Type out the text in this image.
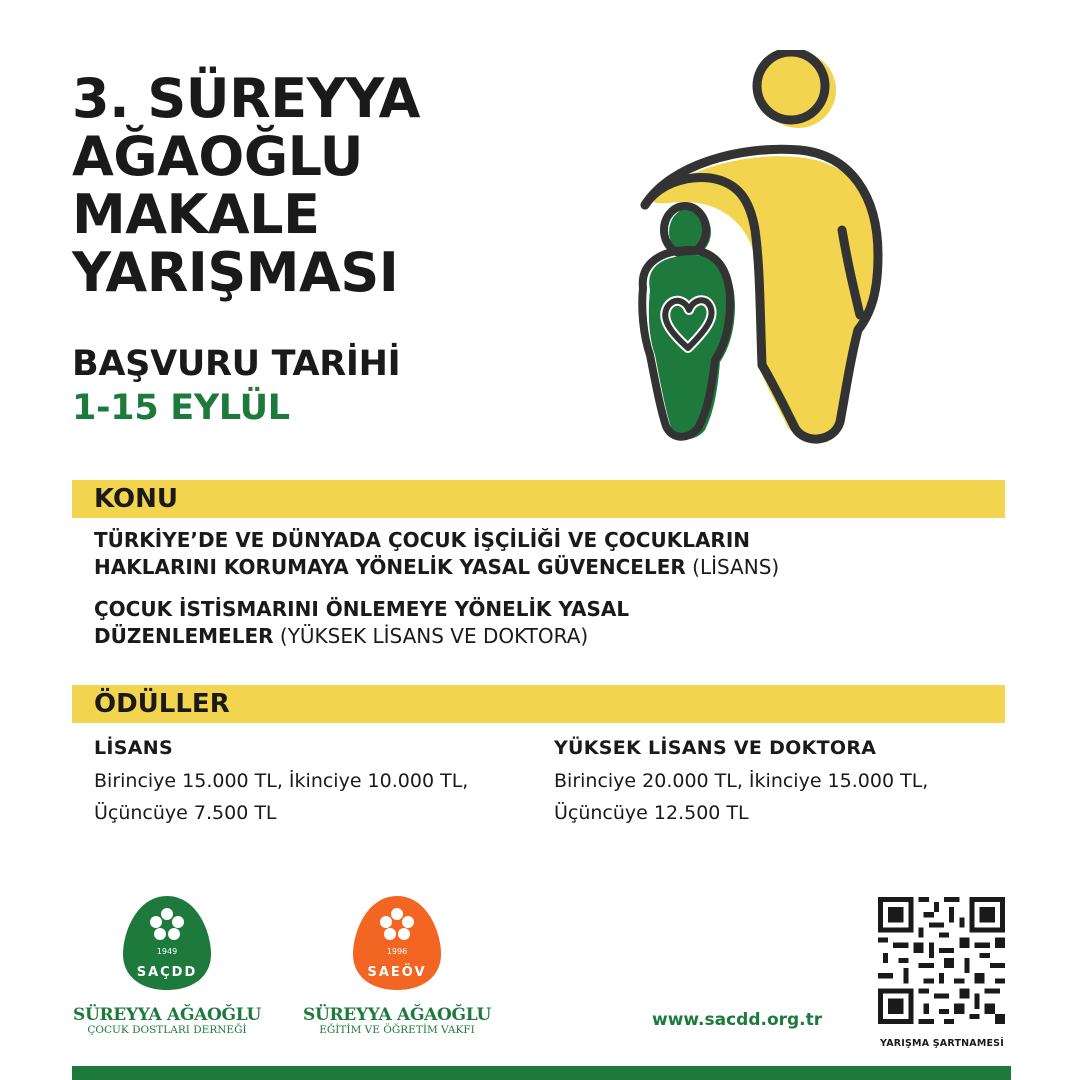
3. SÜREYYA
AĞAOĞLU
MAKALE
YARIŞMASI
BAŞVURU TARİHİ
1-15 EYLÜL
KONU
TÜRKİYE’DE VE DÜNYADA ÇOCUK İŞÇİLİĞİ VE ÇOCUKLARIN
HAKLARINI KORUMAYA YÖNELİK YASAL GÜVENCELER (LİSANS)
ÇOCUK İSTİSMARINI ÖNLEMEYE YÖNELİK YASAL
DÜZENLEMELER (YÜKSEK LİSANS VE DOKTORA)
ÖDÜLLER
LİSANS

Birinciye 15.000 TL, İkinciye 10.000 TL,
Üçüncüye 7.500 TL

YÜKSEK LİSANS VE DOKTORA

Birinciye 20.000 TL, İkinciye 15.000 TL,
Üçüncüye 12.500 TL

1949
SAÇDD
SÜREYYA AĞAOĞLU
ÇOCUK DOSTLARI DERNEĞİ
1996
SAEÖV
SÜREYYA AĞAOĞLU
EĞİTİM VE ÖĞRETİM VAKFI	www.sacdd.org.tr
YARIŞMA ŞARTNAMESİ
